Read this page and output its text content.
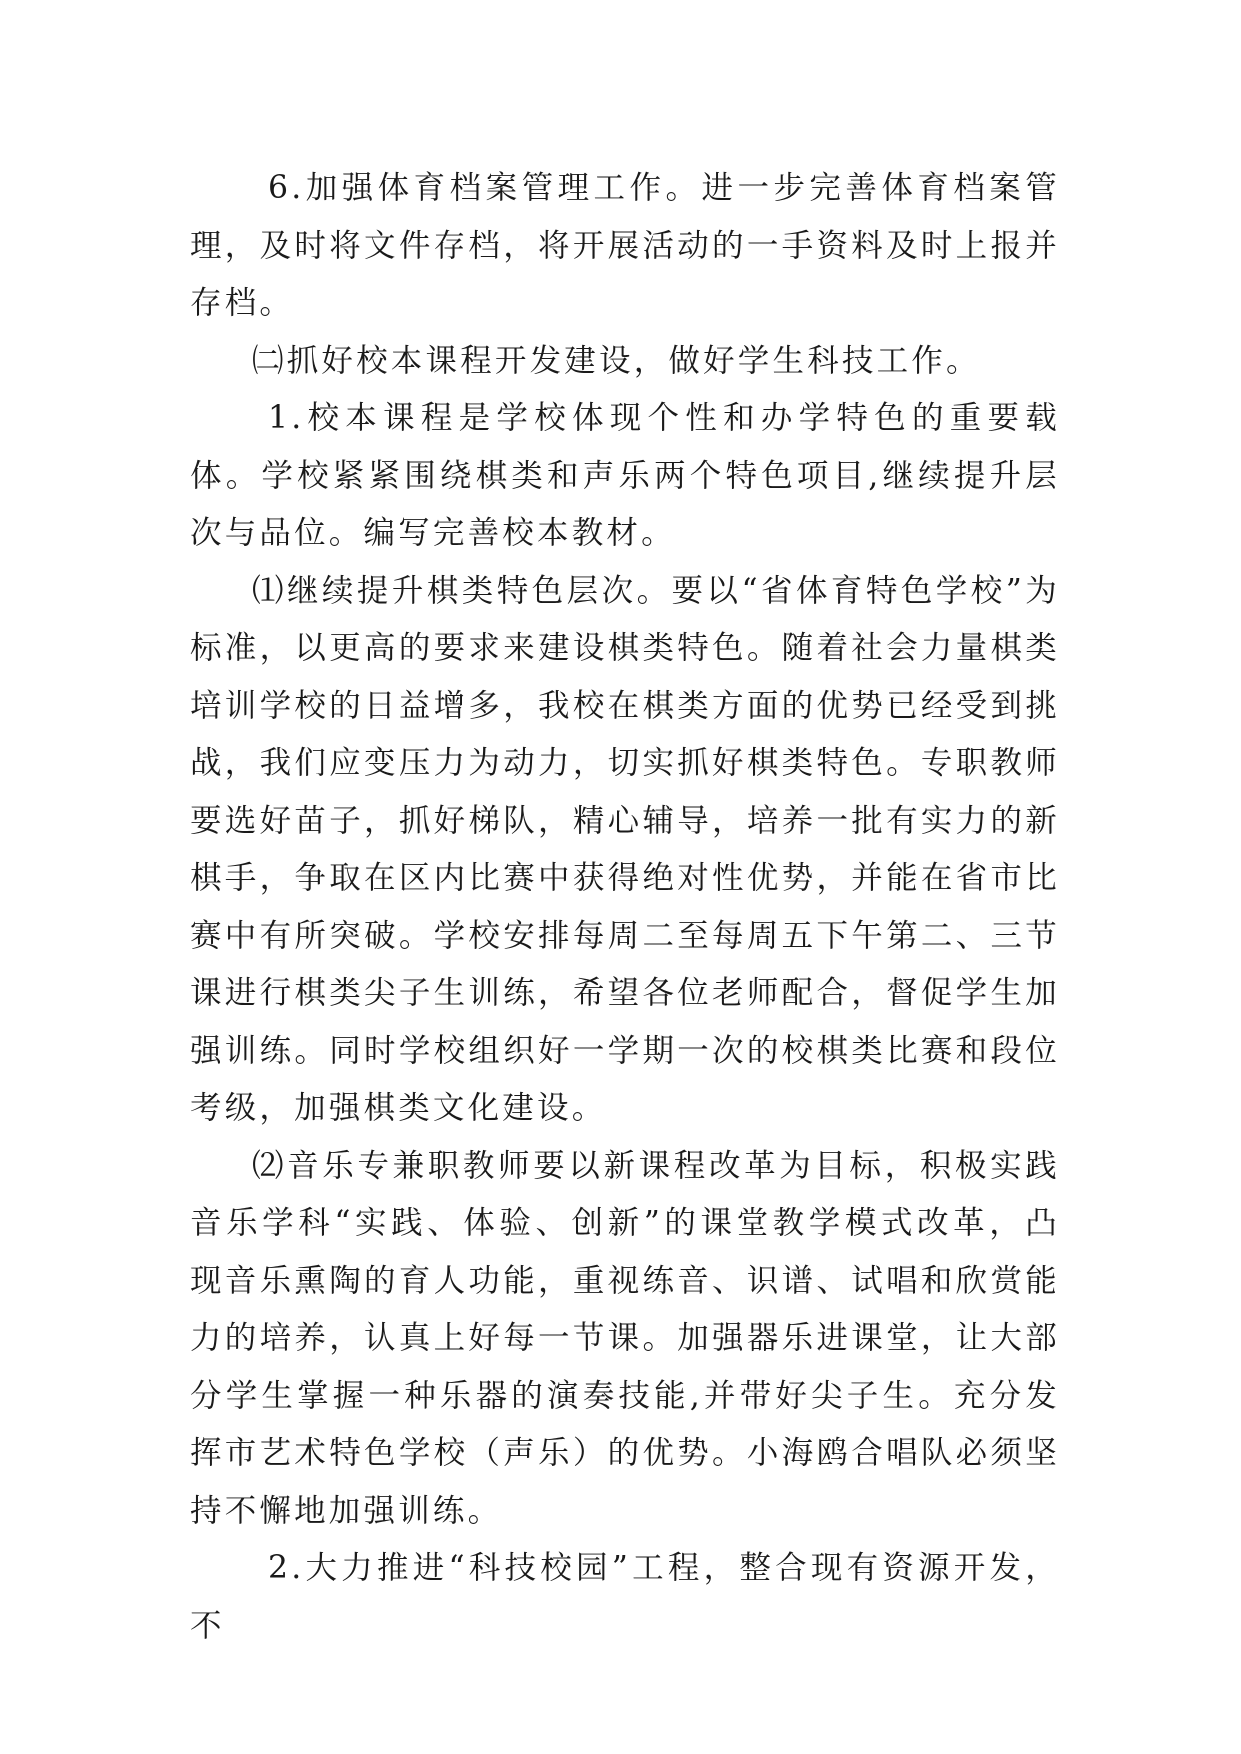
6.加强体育档案管理工作。进一步完善体育档案管理，及时将文件存档，将开展活动的一手资料及时上报并存档。

㈡抓好校本课程开发建设，做好学生科技工作。

1.校本课程是学校体现个性和办学特色的重要载体。学校紧紧围绕棋类和声乐两个特色项目,继续提升层次与品位。编写完善校本教材。

⑴继续提升棋类特色层次。要以“省体育特色学校”为标准，以更高的要求来建设棋类特色。随着社会力量棋类培训学校的日益增多，我校在棋类方面的优势已经受到挑战，我们应变压力为动力，切实抓好棋类特色。专职教师要选好苗子，抓好梯队，精心辅导，培养一批有实力的新棋手，争取在区内比赛中获得绝对性优势，并能在省市比赛中有所突破。学校安排每周二至每周五下午第二、三节课进行棋类尖子生训练，希望各位老师配合，督促学生加强训练。同时学校组织好一学期一次的校棋类比赛和段位考级，加强棋类文化建设。

⑵音乐专兼职教师要以新课程改革为目标，积极实践音乐学科“实践、体验、创新”的课堂教学模式改革，凸现音乐熏陶的育人功能，重视练音、识谱、试唱和欣赏能力的培养，认真上好每一节课。加强器乐进课堂，让大部分学生掌握一种乐器的演奏技能,并带好尖子生。充分发挥市艺术特色学校（声乐）的优势。小海鸥合唱队必须坚持不懈地加强训练。

2.大力推进“科技校园”工程，整合现有资源开发，不
